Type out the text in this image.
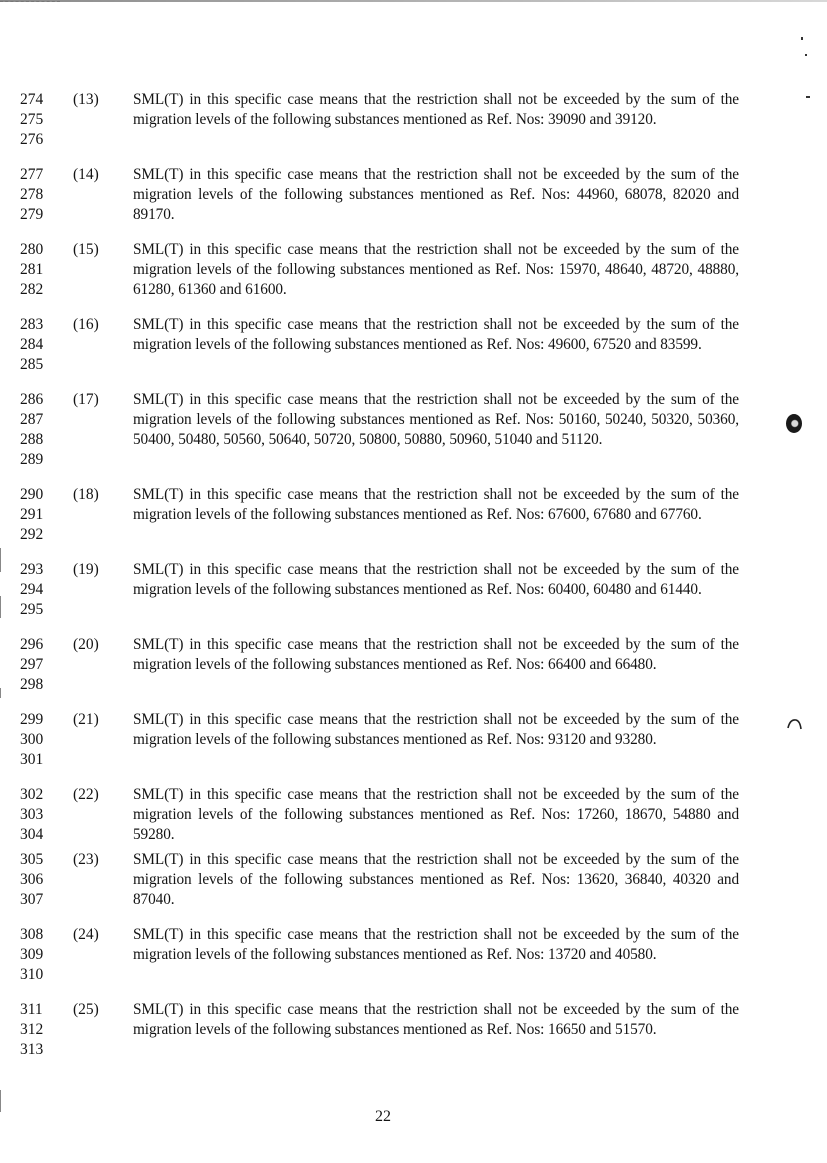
274
275
276
(13) SML(T) in this specific case means that the restriction shall not be exceeded by the sum of the migration levels of the following substances mentioned as Ref. Nos: 39090 and 39120.
277
278
279
(14) SML(T) in this specific case means that the restriction shall not be exceeded by the sum of the migration levels of the following substances mentioned as Ref. Nos: 44960, 68078, 82020 and 89170.
280
281
282
(15) SML(T) in this specific case means that the restriction shall not be exceeded by the sum of the migration levels of the following substances mentioned as Ref. Nos: 15970, 48640, 48720, 48880, 61280, 61360 and 61600.
283
284
285
(16) SML(T) in this specific case means that the restriction shall not be exceeded by the sum of the migration levels of the following substances mentioned as Ref. Nos: 49600, 67520 and 83599.
286
287
288
289
(17) SML(T) in this specific case means that the restriction shall not be exceeded by the sum of the migration levels of the following substances mentioned as Ref. Nos: 50160, 50240, 50320, 50360, 50400, 50480, 50560, 50640, 50720, 50800, 50880, 50960, 51040 and 51120.
290
291
292
(18) SML(T) in this specific case means that the restriction shall not be exceeded by the sum of the migration levels of the following substances mentioned as Ref. Nos: 67600, 67680 and 67760.
293
294
295
(19) SML(T) in this specific case means that the restriction shall not be exceeded by the sum of the migration levels of the following substances mentioned as Ref. Nos: 60400, 60480 and 61440.
296
297
298
(20) SML(T) in this specific case means that the restriction shall not be exceeded by the sum of the migration levels of the following substances mentioned as Ref. Nos: 66400 and 66480.
299
300
301
(21) SML(T) in this specific case means that the restriction shall not be exceeded by the sum of the migration levels of the following substances mentioned as Ref. Nos: 93120 and 93280.
302
303
304
(22) SML(T) in this specific case means that the restriction shall not be exceeded by the sum of the migration levels of the following substances mentioned as Ref. Nos: 17260, 18670, 54880 and 59280.
305
306
307
(23) SML(T) in this specific case means that the restriction shall not be exceeded by the sum of the migration levels of the following substances mentioned as Ref. Nos: 13620, 36840, 40320 and 87040.
308
309
310
(24) SML(T) in this specific case means that the restriction shall not be exceeded by the sum of the migration levels of the following substances mentioned as Ref. Nos: 13720 and 40580.
311
312
313
(25) SML(T) in this specific case means that the restriction shall not be exceeded by the sum of the migration levels of the following substances mentioned as Ref. Nos: 16650 and 51570.
22
